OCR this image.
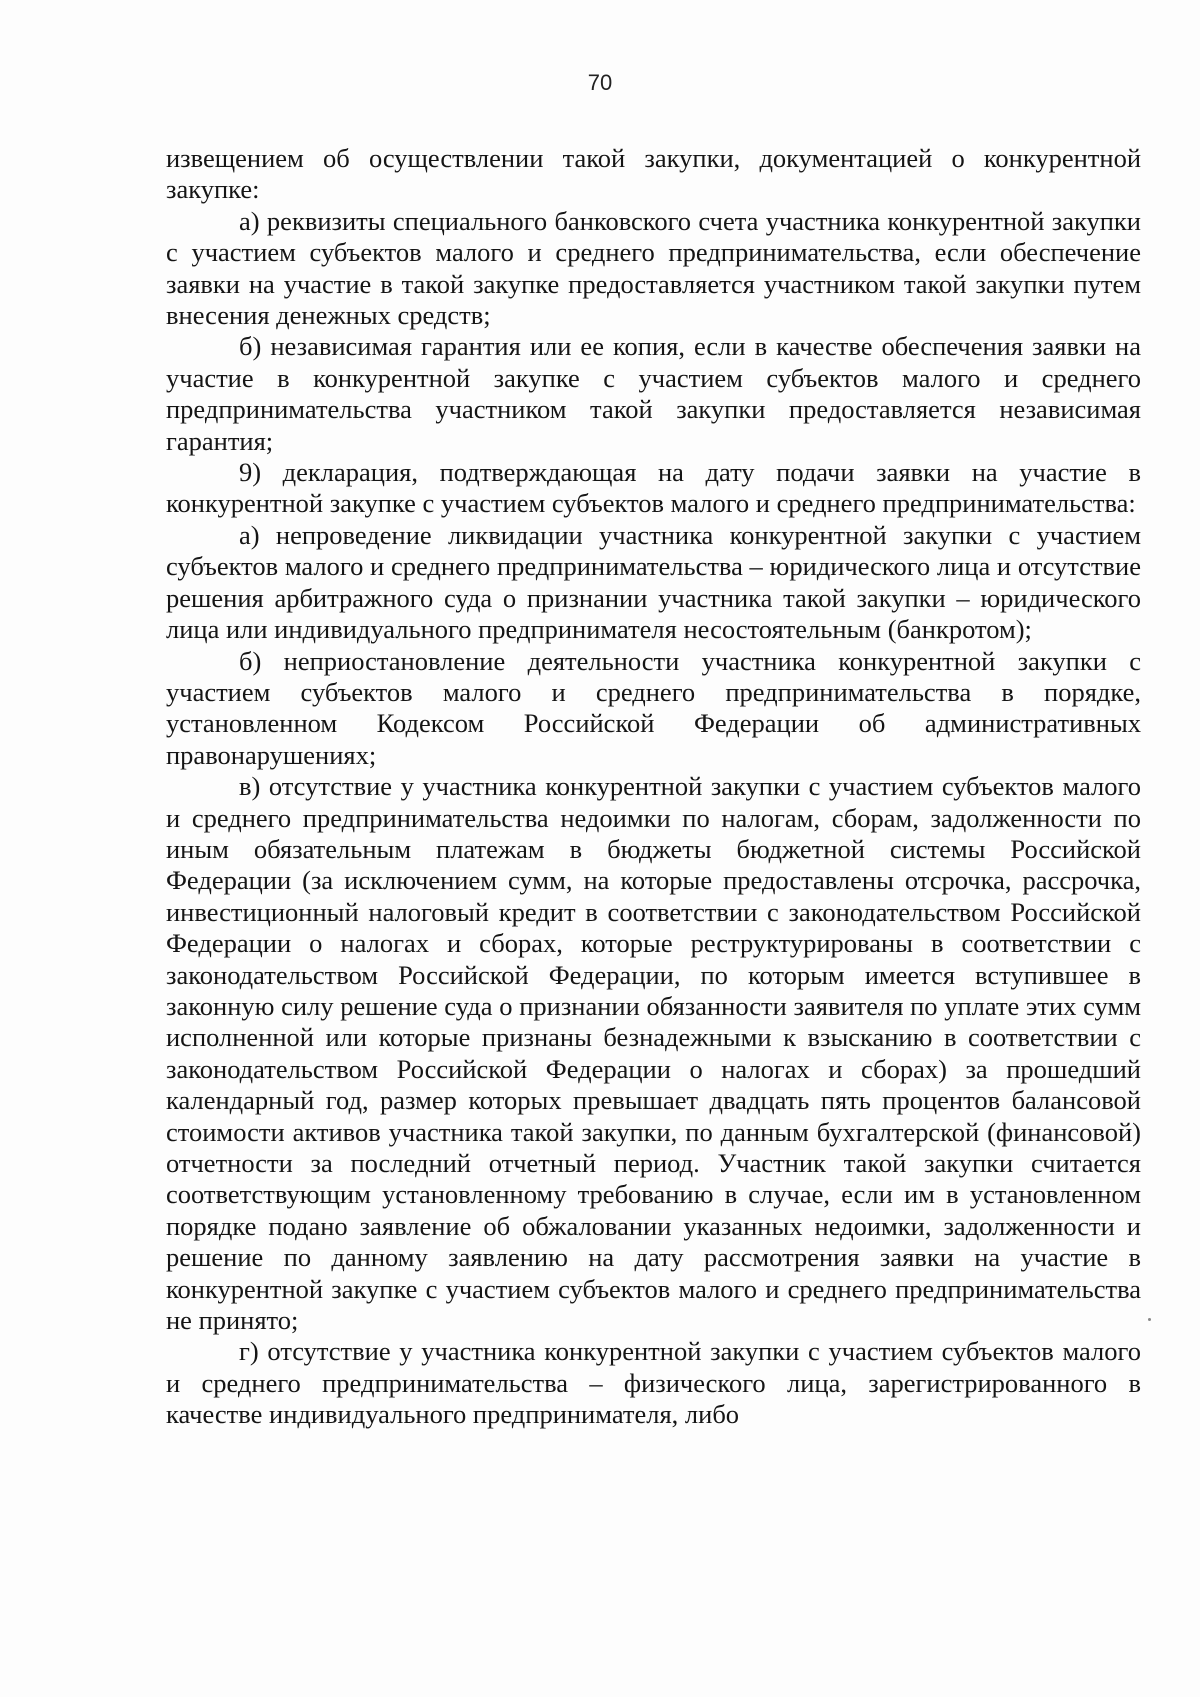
70

извещением об осуществлении такой закупки, документацией о конкурентной закупке:

а) реквизиты специального банковского счета участника конкурентной закупки с участием субъектов малого и среднего предпринимательства, если обеспечение заявки на участие в такой закупке предоставляется участником такой закупки путем внесения денежных средств;

б) независимая гарантия или ее копия, если в качестве обеспечения заявки на участие в конкурентной закупке с участием субъектов малого и среднего предпринимательства участником такой закупки предоставляется независимая гарантия;

9) декларация, подтверждающая на дату подачи заявки на участие в конкурентной закупке с участием субъектов малого и среднего предпринимательства:

а) непроведение ликвидации участника конкурентной закупки с участием субъектов малого и среднего предпринимательства – юридического лица и отсутствие решения арбитражного суда о признании участника такой закупки – юридического лица или индивидуального предпринимателя несостоятельным (банкротом);

б) неприостановление деятельности участника конкурентной закупки с участием субъектов малого и среднего предпринимательства в порядке, установленном Кодексом Российской Федерации об административных правонарушениях;

в) отсутствие у участника конкурентной закупки с участием субъектов малого и среднего предпринимательства недоимки по налогам, сборам, задолженности по иным обязательным платежам в бюджеты бюджетной системы Российской Федерации (за исключением сумм, на которые предоставлены отсрочка, рассрочка, инвестиционный налоговый кредит в соответствии с законодательством Российской Федерации о налогах и сборах, которые реструктурированы в соответствии с законодательством Российской Федерации, по которым имеется вступившее в законную силу решение суда о признании обязанности заявителя по уплате этих сумм исполненной или которые признаны безнадежными к взысканию в соответствии с законодательством Российской Федерации о налогах и сборах) за прошедший календарный год, размер которых превышает двадцать пять процентов балансовой стоимости активов участника такой закупки, по данным бухгалтерской (финансовой) отчетности за последний отчетный период. Участник такой закупки считается соответствующим установленному требованию в случае, если им в установленном порядке подано заявление об обжаловании указанных недоимки, задолженности и решение по данному заявлению на дату рассмотрения заявки на участие в конкурентной закупке с участием субъектов малого и среднего предпринимательства не принято;

г) отсутствие у участника конкурентной закупки с участием субъектов малого и среднего предпринимательства – физического лица, зарегистрированного в качестве индивидуального предпринимателя, либо
